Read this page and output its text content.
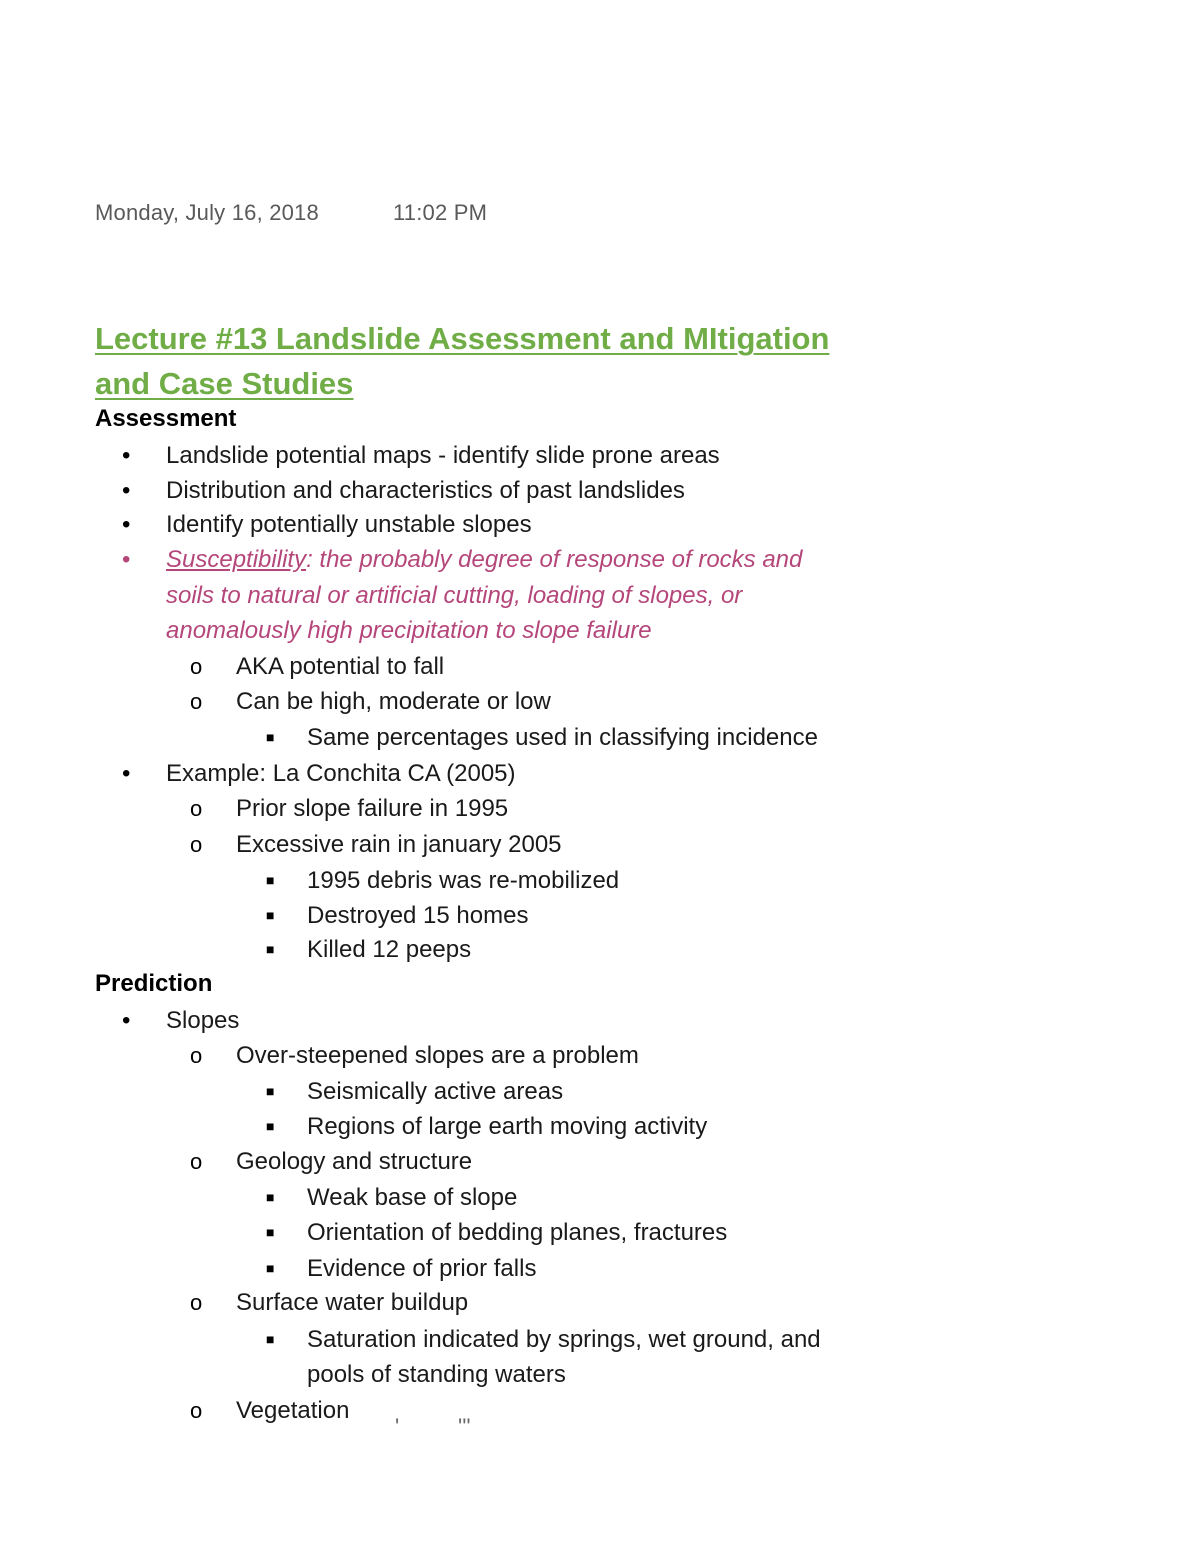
Monday, July 16, 2018	11:02 PM
Lecture #13 Landslide Assessment and MItigation
and Case Studies
Assessment
• Landslide potential maps - identify slide prone areas
• Distribution and characteristics of past landslides
• Identify potentially unstable slopes
• Susceptibility: the probably degree of response of rocks and
soils to natural or artificial cutting, loading of slopes, or
anomalously high precipitation to slope failure
o AKA potential to fall
o Can be high, moderate or low
■ Same percentages used in classifying incidence
• Example: La Conchita CA (2005)
o Prior slope failure in 1995
o Excessive rain in january 2005
■ 1995 debris was re-mobilized
■ Destroyed 15 homes
■ Killed 12 peeps
Prediction
• Slopes
o Over-steepened slopes are a problem
■ Seismically active areas
■ Regions of large earth moving activity
o Geology and structure
■ Weak base of slope
■ Orientation of bedding planes, fractures
■ Evidence of prior falls
o Surface water buildup
■ Saturation indicated by springs, wet ground, and
pools of standing waters
o Vegetation
'	'''
